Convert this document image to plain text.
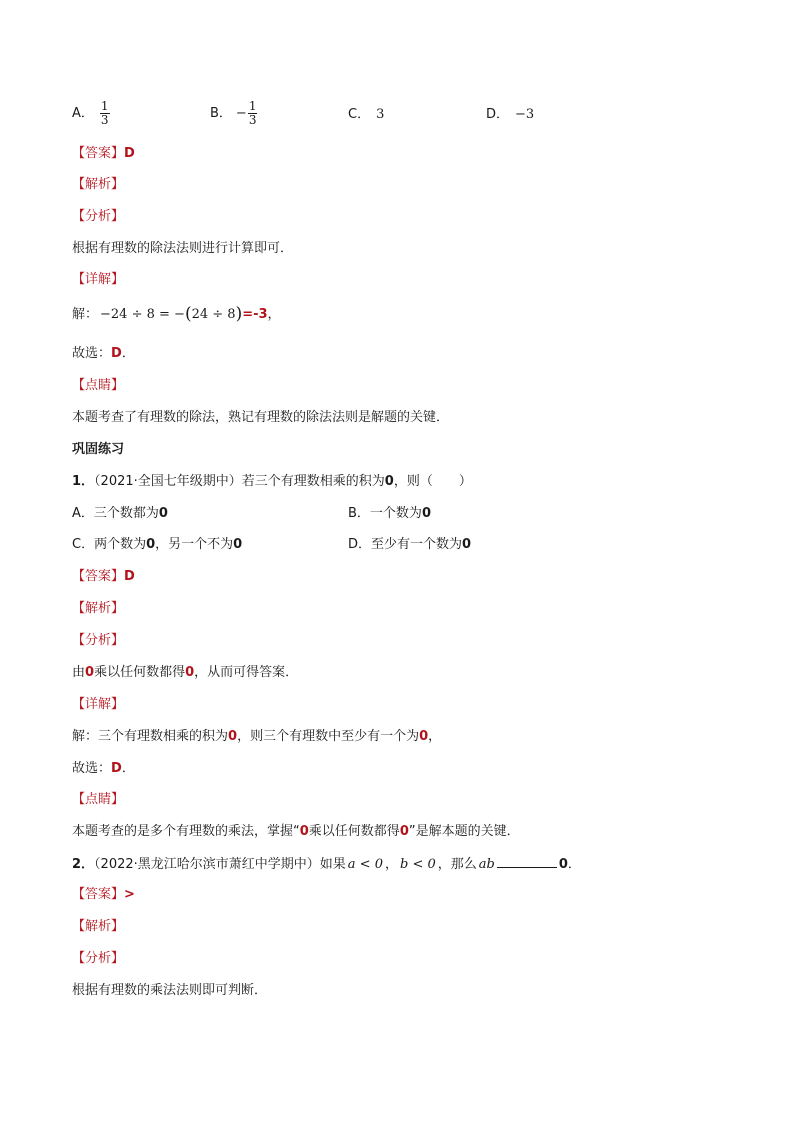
A． $\frac{1}{3}$	B． − $\frac{1}{3}$	C． 3	D． −3
【答案】D
【解析】
【分析】
根据有理数的除法法则进行计算即可．
【详解】
解： −24 ÷ 8 = −(24 ÷ 8)=-3，
故选：D．
【点睛】
本题考查了有理数的除法，熟记有理数的除法法则是解题的关键．
巩固练习
1．（2021·全国七年级期中）若三个有理数相乘的积为0，则（　　）
A． 三个数都为 0	B． 一个数为 0
C． 两个数为 0 ，另一个不为 0	D． 至少有一个数为 0
【答案】D
【解析】
【分析】
由0乘以任何数都得0，从而可得答案．
【详解】
解：三个有理数相乘的积为0，则三个有理数中至少有一个为0，
故选：D．
【点睛】
本题考查的是多个有理数的乘法，掌握“0乘以任何数都得0”是解本题的关键．
2．（2022·黑龙江哈尔滨市萧红中学期中）如果 a < 0 ， b < 0 ，那么 ab	0．
【答案】>
【解析】
【分析】
根据有理数的乘法法则即可判断．
